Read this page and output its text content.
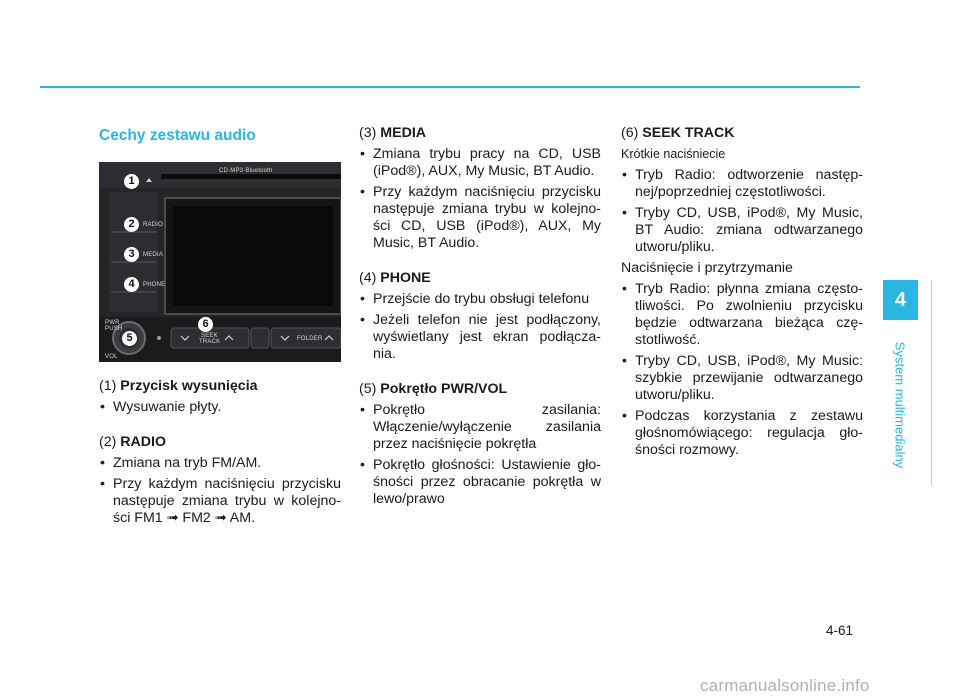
Cechy zestawu audio
CD·MP3·Bluetooth
RADIO
MEDIA
PHONE
PWR
PUSH
VOL
SEEK
TRACK	FOLDER
1
2
3
4
5
6
(1) Przycisk wysunięcia
• Wysuwanie płyty.
(2) RADIO
• Zmiana na tryb FM/AM.
• Przy każdym naciśnięciu przycisku następuje zmiana trybu w kolejno-ści FM1 ➟ FM2 ➟ AM.
(3) MEDIA
• Zmiana trybu pracy na CD, USB (iPod®), AUX, My Music, BT Audio.
• Przy każdym naciśnięciu przycisku następuje zmiana trybu w kolejno-ści CD, USB (iPod®), AUX, My Music, BT Audio.
(4) PHONE
• Przejście do trybu obsługi telefonu
• Jeżeli telefon nie jest podłączony, wyświetlany jest ekran podłącza-nia.
(5) Pokrętło PWR/VOL
• Pokrętło zasilania: Włączenie/wyłączenie zasilania przez naciśnięcie pokrętła
• Pokrętło głośności: Ustawienie gło-śności przez obracanie pokrętła w lewo/prawo
(6) SEEK TRACK
Krótkie naciśniecie
• Tryb Radio: odtworzenie następ-nej/poprzedniej częstotliwości.
• Tryby CD, USB, iPod®, My Music, BT Audio: zmiana odtwarzanego utworu/pliku.
Naciśnięcie i przytrzymanie
• Tryb Radio: płynna zmiana często-tliwości. Po zwolnieniu przycisku będzie odtwarzana bieżąca czę-stotliwość.
• Tryby CD, USB, iPod®, My Music: szybkie przewijanie odtwarzanego utworu/pliku.
• Podczas korzystania z zestawu głośnomówiącego: regulacja gło-śności rozmowy.
4
System multimedialny
4-61
carmanualsonline.info
